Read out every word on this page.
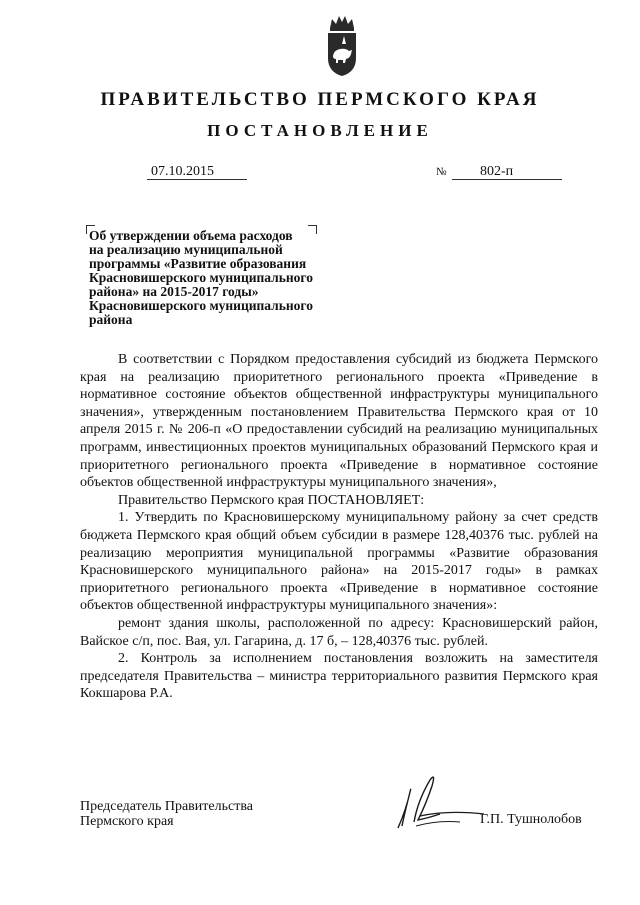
ПРАВИТЕЛЬСТВО ПЕРМСКОГО КРАЯ
ПОСТАНОВЛЕНИЕ
07.10.2015	№	802-п
Об утверждении объема расходов
на реализацию муниципальной
программы «Развитие образования
Красновишерского муниципального
района» на 2015-2017 годы»
Красновишерского муниципального
района

В соответствии с Порядком предоставления субсидий из бюджета Пермского края на реализацию приоритетного регионального проекта «Приведение в нормативное состояние объектов общественной инфраструктуры муниципального значения», утвержденным постановлением Правительства Пермского края от 10 апреля 2015 г. № 206-п «О предоставлении субсидий на реализацию муниципальных программ, инвестиционных проектов муниципальных образований Пермского края и приоритетного регионального проекта «Приведение в нормативное состояние объектов общественной инфраструктуры муниципального значения»,

Правительство Пермского края ПОСТАНОВЛЯЕТ:

1. Утвердить по Красновишерскому муниципальному району за счет средств бюджета Пермского края общий объем субсидии в размере 128,40376 тыс. рублей на реализацию мероприятия муниципальной программы «Развитие образования Красновишерского муниципального района» на 2015-2017 годы» в рамках приоритетного регионального проекта «Приведение в нормативное состояние объектов общественной инфраструктуры муниципального значения»:

ремонт здания школы, расположенной по адресу: Красновишерский район, Вайское с/п, пос. Вая, ул. Гагарина, д. 17 б, – 128,40376 тыс. рублей.

2. Контроль за исполнением постановления возложить на заместителя председателя Правительства – министра территориального развития Пермского края Кокшарова Р.А.

Председатель Правительства
Пермского края	Г.П. Тушнолобов
